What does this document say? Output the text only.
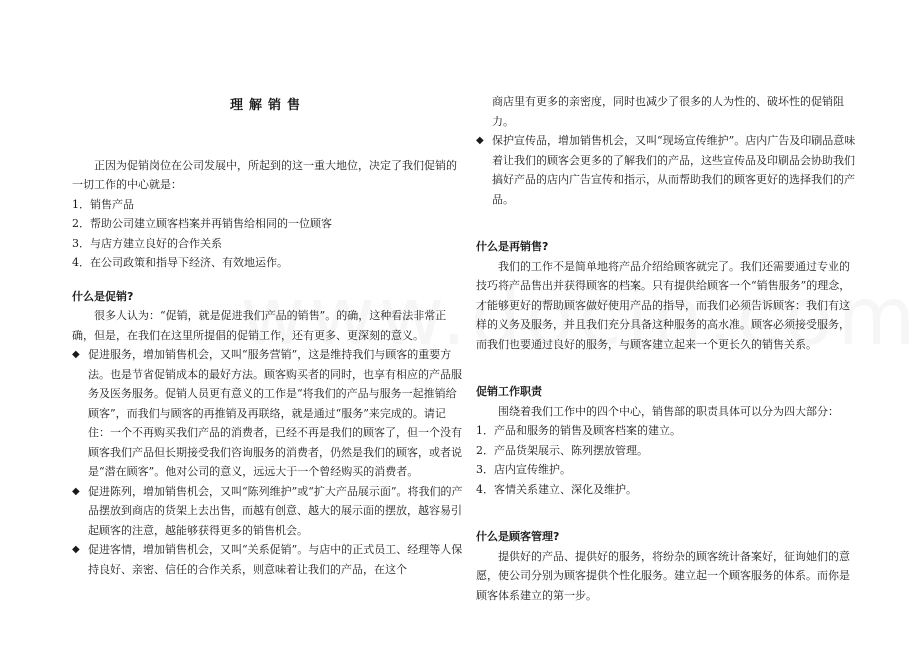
理解销售

正因为促销岗位在公司发展中，所起到的这一重大地位，决定了我们促销的一切工作的中心就是：

1．销售产品

2．帮助公司建立顾客档案并再销售给相同的一位顾客

3．与店方建立良好的合作关系

4．在公司政策和指导下经济、有效地运作。

什么是促销?

很多人认为：“促销，就是促进我们产品的销售”。的确，这种看法非常正确，但是，在我们在这里所提倡的促销工作，还有更多、更深刻的意义。

◆ 促进服务，增加销售机会，又叫“服务营销”，这是维持我们与顾客的重要方法。也是节省促销成本的最好方法。顾客购买者的同时，也享有相应的产品服务及医务服务。促销人员更有意义的工作是“将我们的产品与服务一起推销给顾客”，而我们与顾客的再推销及再联络，就是通过“服务”来完成的。请记住：一个不再购买我们产品的消费者，已经不再是我们的顾客了，但一个没有顾客我们产品但长期接受我们咨询服务的消费者，仍然是我们的顾客，或者说是“潜在顾客”。他对公司的意义，远远大于一个曾经购买的消费者。
◆ 促进陈列，增加销售机会，又叫“陈列维护”或“扩大产品展示面”。将我们的产品摆放到商店的货架上去出售，而越有创意、越大的展示面的摆放，越容易引起顾客的注意，越能够获得更多的销售机会。
◆ 促进客情，增加销售机会，又叫“关系促销”。与店中的正式员工、经理等人保持良好、亲密、信任的合作关系，则意味着让我们的产品，在这个
商店里有更多的亲密度，同时也减少了很多的人为性的、破坏性的促销阻力。
◆ 保护宣传品，增加销售机会，又叫“现场宣传维护”。店内广告及印刷品意味着让我们的顾客会更多的了解我们的产品，这些宣传品及印刷品会协助我们搞好产品的店内广告宣传和指示，从而帮助我们的顾客更好的选择我们的产品。
什么是再销售?

我们的工作不是简单地将产品介绍给顾客就完了。我们还需要通过专业的技巧将产品售出并获得顾客的档案。只有提供给顾客一个“销售服务”的理念，才能够更好的帮助顾客做好使用产品的指导，而我们必须告诉顾客：我们有这样的义务及服务，并且我们充分具备这种服务的高水准。顾客必须接受服务，而我们也要通过良好的服务，与顾客建立起来一个更长久的销售关系。

促销工作职责

围绕着我们工作中的四个中心，销售部的职责具体可以分为四大部分：

1．产品和服务的销售及顾客档案的建立。

2．产品货架展示、陈列摆放管理。

3．店内宣传维护。

4．客情关系建立、深化及维护。

什么是顾客管理?

提供好的产品、提供好的服务，将纷杂的顾客统计备案好，征询她们的意愿，使公司分别为顾客提供个性化服务。建立起一个顾客服务的体系。而你是顾客体系建立的第一步。
